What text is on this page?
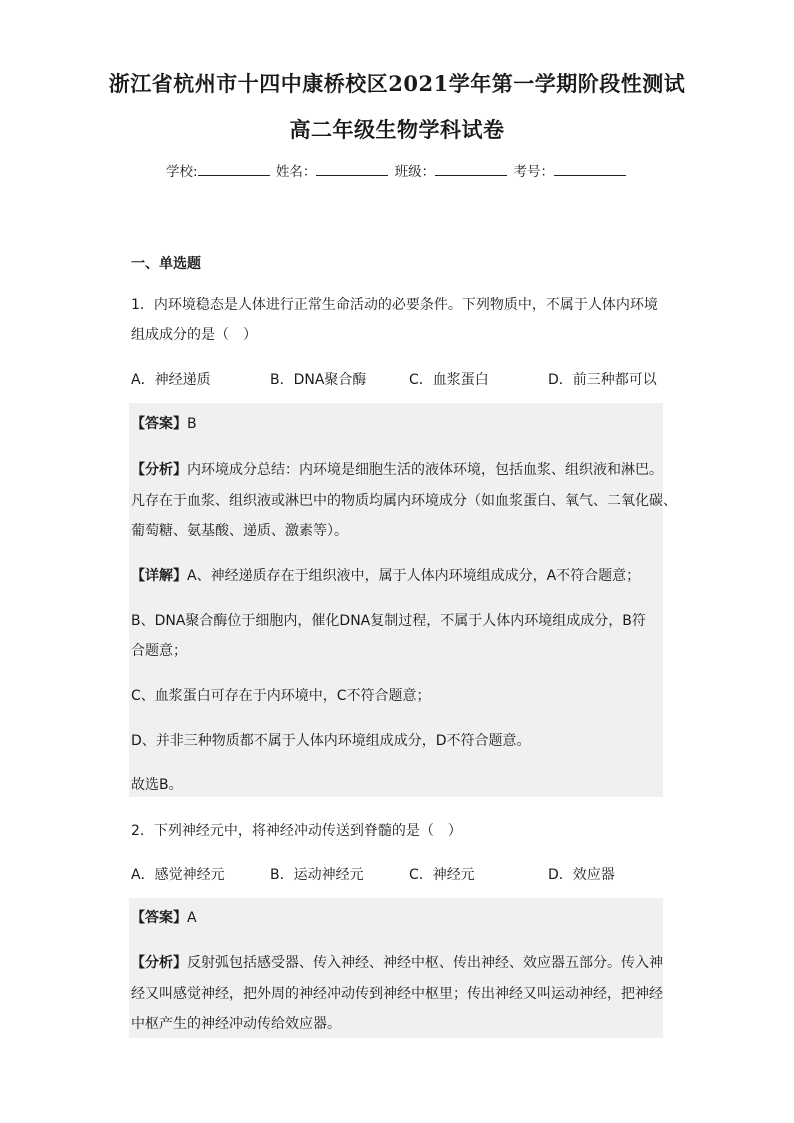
浙江省杭州市十四中康桥校区2021学年第一学期阶段性测试
高二年级生物学科试卷
学校:	姓名：	班级：	考号：
一、单选题
1．内环境稳态是人体进行正常生命活动的必要条件。下列物质中，不属于人体内环境
组成成分的是（　）
A．神经递质	B．DNA聚合酶	C．血浆蛋白	D．前三种都可以
【答案】B
【分析】内环境成分总结：内环境是细胞生活的液体环境，包括血浆、组织液和淋巴。
凡存在于血浆、组织液或淋巴中的物质均属内环境成分（如血浆蛋白、氧气、二氧化碳、
葡萄糖、氨基酸、递质、激素等）。
【详解】A、神经递质存在于组织液中，属于人体内环境组成成分，A不符合题意；
B、DNA聚合酶位于细胞内，催化DNA复制过程，不属于人体内环境组成成分，B符
合题意；
C、血浆蛋白可存在于内环境中，C不符合题意；
D、并非三种物质都不属于人体内环境组成成分，D不符合题意。
故选B。
2．下列神经元中，将神经冲动传送到脊髓的是（　）
A．感觉神经元	B．运动神经元	C．神经元	D．效应器
【答案】A
【分析】反射弧包括感受器、传入神经、神经中枢、传出神经、效应器五部分。传入神
经又叫感觉神经，把外周的神经冲动传到神经中枢里；传出神经又叫运动神经，把神经
中枢产生的神经冲动传给效应器。
